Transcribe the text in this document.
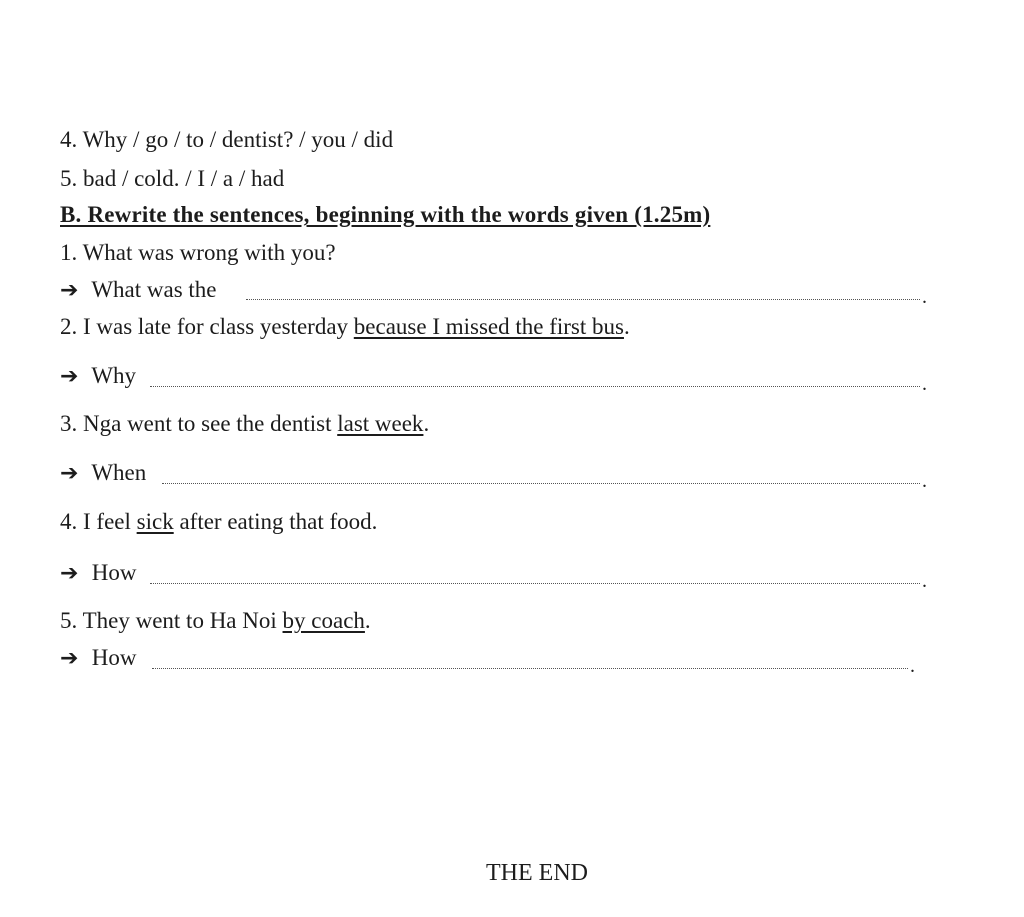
4. Why / go / to / dentist? / you / did
5. bad / cold. / I / a / had
B. Rewrite the sentences, beginning with the words given (1.25m)
1. What was wrong with you?
➔ What was the	.
2. I was late for class yesterday because I missed the first bus.
➔ Why	.
3. Nga went to see the dentist last week.
➔ When	.
4. I feel sick after eating that food.
➔ How	.
5. They went to Ha Noi by coach.
➔ How	.
THE END
